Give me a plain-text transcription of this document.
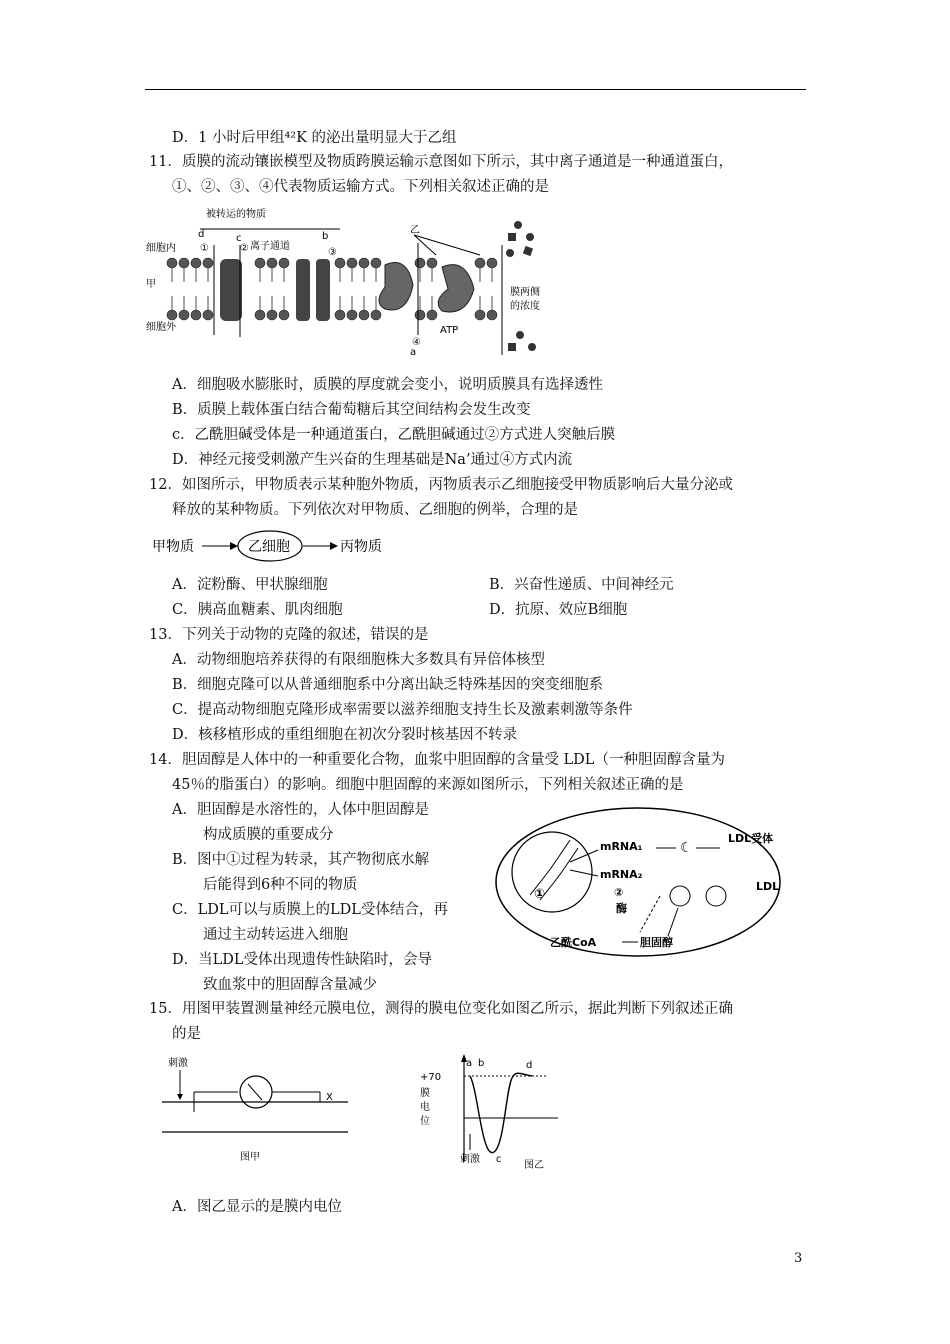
D．1 小时后甲组⁴²K 的泌出量明显大于乙组
11．质膜的流动镶嵌模型及物质跨膜运输示意图如下所示，其中离子通道是一种通道蛋白，
①、②、③、④代表物质运输方式。下列相关叙述正确的是
被转运的物质
细胞内
甲
细胞外
乙
离子通道
ATP
膜两侧
的浓度
d	c	b
a
①	②	③
④
A．细胞吸水膨胀时，质膜的厚度就会变小，说明质膜具有选择透性
B．质膜上载体蛋白结合葡萄糖后其空间结构会发生改变
c．乙酰胆碱受体是一种通道蛋白，乙酰胆碱通过②方式进人突触后膜
D．神经元接受刺激产生兴奋的生理基础是Na’通过④方式内流
12．如图所示，甲物质表示某种胞外物质，丙物质表示乙细胞接受甲物质影响后大量分泌或
释放的某种物质。下列依次对甲物质、乙细胞的例举，合理的是
甲物质	乙细胞	丙物质
A．淀粉酶、甲状腺细胞	B．兴奋性递质、中间神经元
C．胰高血糖素、肌肉细胞	D．抗原、效应B细胞
13．下列关于动物的克隆的叙述，错误的是
A．动物细胞培养获得的有限细胞株大多数具有异倍体核型
B．细胞克隆可以从普通细胞系中分离出缺乏特殊基因的突变细胞系
C．提高动物细胞克隆形成率需要以滋养细胞支持生长及激素刺激等条件
D．核移植形成的重组细胞在初次分裂时核基因不转录
14．胆固醇是人体中的一种重要化合物，血浆中胆固醇的含量受 LDL（一种胆固醇含量为
45％的脂蛋白）的影响。细胞中胆固醇的来源如图所示，下列相关叙述正确的是
A．胆固醇是水溶性的，人体中胆固醇是
构成质膜的重要成分
B．图中①过程为转录，其产物彻底水解
后能得到6种不同的物质
C．LDL可以与质膜上的LDL受体结合，再
通过主动转运进入细胞
D．当LDL受体出现遗传性缺陷时，会导
致血浆中的胆固醇含量减少
①
mRNA₁
mRNA₂
②
酶
乙酰CoA	胆固醇
☾
LDL受体
LDL
15．用图甲装置测量神经元膜电位，测得的膜电位变化如图乙所示，据此判断下列叙述正确
的是
刺激
X
图甲
+70
膜
电
位
a b
c
d
刺激
图乙
A．图乙显示的是膜内电位
3
